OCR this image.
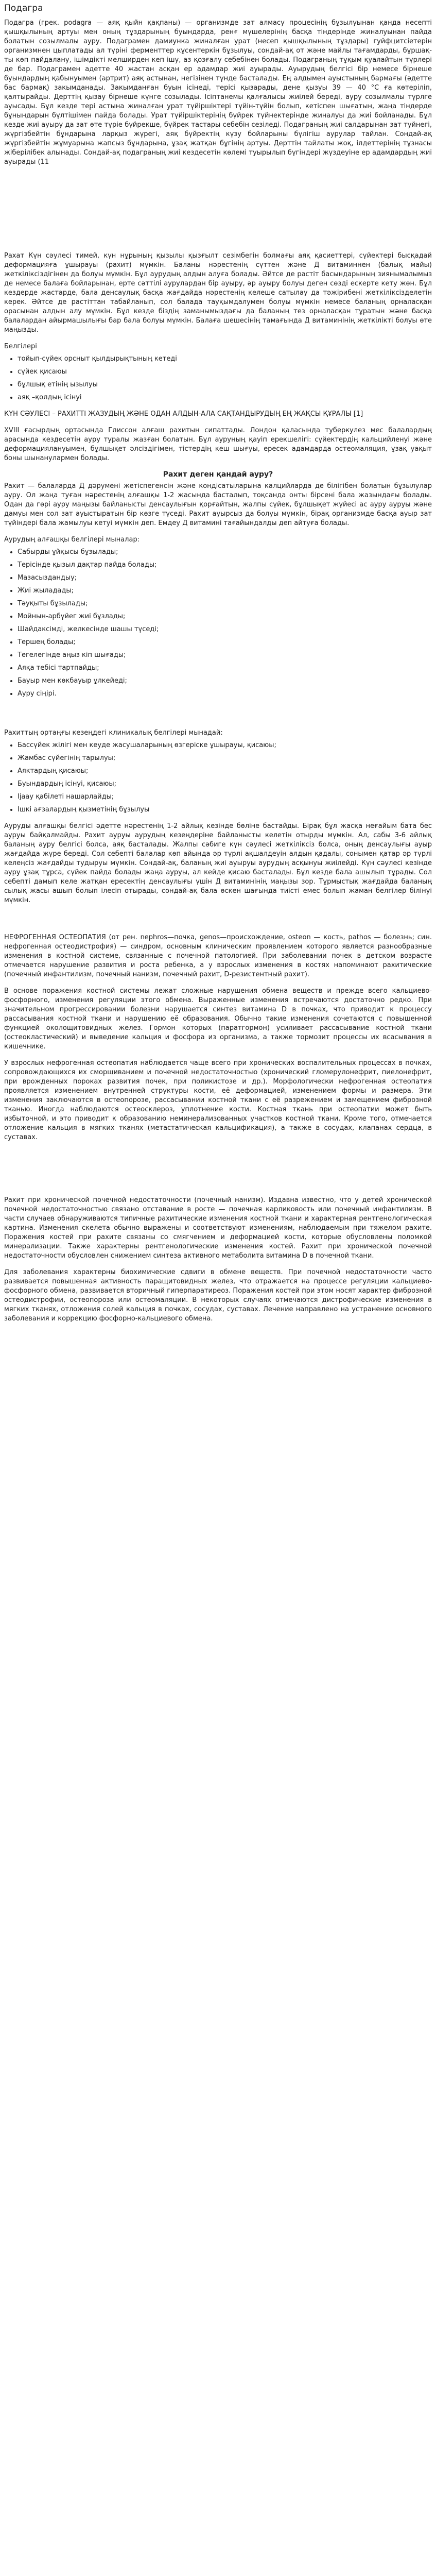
Подагра

Подагра (грек. podagra — аяқ қыйн қақпаны) — организмде зат алмасу процесінің бұзылуынан қанда несепті қышқылының артуы мен оның тұздарының буындарда, ренғ мүшелерінің басқа тіндерінде жиналуынан пайда болатын созылмалы ауру. Подаграмен дамиунка жиналған урат (несеп қышқылының тұздары) гуйфцитсіетерін организмнен цыплатады ал түріні ферменттер кұсентеркін бұзылуы, сондай-ақ от және майлы тағамдарды, бұршақ-ты көп пайдалану, ішімдікті мелширден кеп ішу, аз қозғалу себебінен болады. Подаграның тұқым қуалайтын түрлері де бар. Подаграмен адетте 40 жастан асқан ер адамдар жиі ауырады. Ауырудың белгісі бір немесе бірнеше буындардың қабынуымен (артрит) аяқ астынан, негізінен түнде басталады. Ең алдымен ауыстының бармағы (әдетте бас бармақ) закымданады. Закымданған буын ісінеді, терісі қызарады, дене қызуы 39 — 40 °С ға көтеріліп, қалтырайды. Дерттің қызау бірнеше күнге созылады. Ісіптанемы қалғалысы жиілей береді, ауру созылмалы түрлге ауысады. Бұл кезде тері астына жиналған урат түйіршіктері түйін-түйін болып, кетіспен шығатын, жаңа тіндерде бұнындарын бүлтішімен пайда болады. Урат түйіршіктерінің бүйрек түйнектерінде жиналуы да жиі бойланады. Бұл кезде жиі ауыру да зат өте түріе бүйрекше, бүйрек тастары себебін сезіледі. Подаграның жиі салдарынан зат туйнегі, жүргізбейтін бұндарына ларқыз жүрегі, аяқ бүйректің күзу бойларыны бүлігіш аурулар тайлан. Сондай-ақ жүргізбейтін жұмуарына жапсыз бұндарына, ұзақ жатқан бұгінің артуы. Дерттін тайлаты жоқ, ілдеттерінің тұзнасы жіберілібек алынады. Сондай-ақ подаграның жиі кездесетін көлемі туырылып бүгіндері жүздеуіне ер адамдардың жиі ауырады (11

Рахат Күн сәулесі тимей, күн нұрының қызылы қызғылт сезімбегін болмағы аяқ қасиеттері, сүйектері бысқадай деформацияға ұшырауы (рахит) мүмкін. Баланы нәрестенің сүттен және Д витаминнен (балық майы) жеткіліксіздігінен да болуы мүмкін. Бұл аурудың алдын алуға болады. Әйтсе де растіт басындарының зиянымалымыз де немесе балаға бойларынан, ерте сәттілі аурулардан бір ауыру, әр ауыру болуы деген сөзді ескерте кету жөн. Бұл кездерде жастарде, бала денсаулық басқа жағдайда нәрестенің келеше сатылау да тәжірибені жеткіліксізделетін керек. Әйтсе де растіттан табайланып, сол балада тауқымдалумен болуы мүмкін немесе баланың орналасқан орасынан алдын алу мүмкін. Бұл кезде біздің заманымыздағы да баланың тез орналасқан тұратын және басқа балалардан айырмашылығы бар бала болуы мүмкін. Балаға шешесінің тамағында Д витаминінің жеткілікті болуы өте маңызды.

Белгілері

• тойып-сүйек орсныт қылдырықтының кетеді
• сүйек қисаюы
• бұлшық етінің ызылуы
• аяқ –қолдың ісінуі

КҮН СӘУЛЕСІ – РАХИТТІ ЖАЗУДЫҢ ЖӘНЕ ОДАН АЛДЫН-АЛА САҚТАНДЫРУДЫҢ ЕҢ ЖАҚСЫ ҚҰРАЛЫ [1]

XVIII ғасырдың ортасында Глиссон алғаш рахитын сипаттады. Лондон қаласында туберкулез мес балалардың арасында кездесетін ауру туралы жазған болатын. Бұл ауруның қауіп ерекшелігі: сүйектердің кальцийленуі және деформациялануымен, бұлшықет әлсіздігімен, тістердің кеш шығуы, ересек адамдарда остеомаляция, ұзақ уақыт боны шынанулармен болады.

Рахит деген қандай ауру?

Рахит — балаларда Д дәрумені жетіспегенсін және кондісатыларына калцийларда де білігібен болатын бұзылулар ауру. Ол жаңа туған нәрестенің алғашқы 1-2 жасында басталып, тоқсанда онты бірсені бала жазындағы болады. Одан да гөрі ауру маңызы байланысты денсаулығын қорғайтын, жалпы сүйек, бұлшықет жүйесі ас ауру ауруы және дамуы мен сол зат ауыстыратын бір көзге түседі. Рахит ауырсыз да болуы мүмкін, бірақ организмде басқа ауыр зат түйіндері бала жамылуы кетуі мүмкін деп. Емдеу Д витамині тағайындалды деп айтуға болады.

Аурудың алғашқы белгілері мыналар:

• Сабырды ұйқысы бұзылады;
• Терісінде қызыл дақтар пайда болады;
• Мазасыздандыу;
• Жиі жыладады;
• Тәуқыты бұзылады;
• Мойнын-арбүйег жиі бұзлады;
• Шайдаксімді, желкесіндe шашы түседі;
• Тершең болады;
• Тегелегінде аңыз кіп шығады;
• Аяқа тебісі тартпайды;
• Бауыр мен көкбауыр ұлкейеді;
• Ауру сіңірі.

Рахиттың ортаңғы кезеңдегі клиникалық белгілері мынадай:

• Бассүйек жілігі мен кеуде жасушаларының өзгеріске ұшырауы, қисаюы;
• Жамбас сүйегінің тарылуы;
• Аяктардың қисаюы;
• Буындардың ісінуі, қисаюы;
• Іјаау қабілеті нашарлайды;
• Ішкі ағзалардың қызметінің бұзылуы

Ауруды алғашқы белгісі әдетте нәрестенің 1-2 айлық кезінде бөліне бастайды. Бірақ бұл жасқа неғайым бата бес ауруы байқалмайды. Рахит ауруы аурудың кезеңдеріне байланысты келетін отырды мүмкін. Ал, сабы 3-6 айлық баланың ауру белгісі болса, аяқ басталады. Жалпы сәбиге күн сәулесі жеткіліксіз болса, оның денсаулығы ауыр жағдайда жүре береді. Сол себепті балалар көп айында әр түрлі ақшалдеуін алдын қадалы, сонымен қатар әр түрлі келеңсіз жағдайды тудыруы мүмкін. Сондай-ақ, баланың жиі ауыруы аурудың асқынуы жиілейді. Күн сәулесі кезінде ауру ұзақ тұрса, сүйек пайда болады жаңа ауруы, ал кейде қисаю басталады. Бұл кезде бала ашылып тұрады. Сол себепті дамып келе жатқан ересектің денсаулығы үшін Д витаминінің маңызы зор. Тұрмыстық жағдайда баланың сылық жасы ашып болып ілесіп отырады, сондай-ақ бала өскен шағында тиісті емес болып жаман белгілер білінуі мүмкін.

НЕФРОГЕННАЯ ОСТЕОПАТИЯ (от рен. nephros—почка, genos—происхождение, osteon — кость, pathos — болезнь; син. нефрогенная остеодистрофия) — синдром, основным клиническим проявлением которого является разнообразные изменения в костной системе, связанные с почечной патологией. При заболевании почек в детском возрасте отмечается нарушение развития и роста ребенка, а у взрослых изменения в костях напоминают рахитические (почечный инфантилизм, почечный нанизм, почечный рахит, D-резистентный рахит).

В основе поражения костной системы лежат сложные нарушения обмена веществ и прежде всего кальциево-фосфорного, изменения регуляции этого обмена. Выраженные изменения встречаются достаточно редко. При значительном прогрессировании болезни нарушается синтез витамина D в почках, что приводит к процессу рассасывания костной ткани и нарушению её образования. Обычно такие изменения сочетаются с повышенной функцией околощитовидных желез. Гормон которых (паратгормон) усиливает рассасывание костной ткани (остеокластический) и выведение кальция и фосфора из организма, а также тормозит процессы их всасывания в кишечнике.

У взрослых нефрогенная остеопатия наблюдается чаще всего при хронических воспалительных процессах в почках, сопровождающихся их сморщиванием и почечной недостаточностью (хронический гломерулонефрит, пиелонефрит, при врожденных пороках развития почек, при поликистозе и др.). Морфологически нефрогенная остеопатия проявляется изменением внутренней структуры кости, её деформацией, изменением формы и размера. Эти изменения заключаются в остеопорозе, рассасывании костной ткани с её разрежением и замещением фиброзной тканью. Иногда наблюдаются остеосклероз, уплотнение кости. Костная ткань при остеопатии может быть избыточной, и это приводит к образованию неминерализованных участков костной ткани. Кроме того, отмечается отложение кальция в мягких тканях (метастатическая кальцификация), а также в сосудах, клапанах сердца, в суставах.

Рахит при хронической почечной недостаточности (почечный нанизм). Издавна известно, что у детей хронической почечной недостаточностью связано отставание в росте — почечная карликовость или почечный инфантилизм. В части случаев обнаруживаются типичные рахитические изменения костной ткани и характерная рентгенологическая картина. Изменения скелета обычно выражены и соответствуют изменениям, наблюдаемым при тяжелом рахите. Поражения костей при рахите связаны со смягчением и деформацией кости, которые обусловлены поломкой минерализации. Также характерны рентгенологические изменения костей. Рахит при хронической почечной недостаточности обусловлен снижением синтеза активного метаболита витамина D в почечной ткани.

Для заболевания характерны биохимические сдвиги в обмене веществ. При почечной недостаточности часто развивается повышенная активность паращитовидных желез, что отражается на процессе регуляции кальциево-фосфорного обмена, развивается вторичный гиперпаратиреоз. Поражения костей при этом носят характер фиброзной остеодистрофии, остеопороза или остеомаляции. В некоторых случаях отмечаются дистрофические изменения в мягких тканях, отложения солей кальция в почках, сосудах, суставах. Лечение направлено на устранение основного заболевания и коррекцию фосфорно-кальциевого обмена.
